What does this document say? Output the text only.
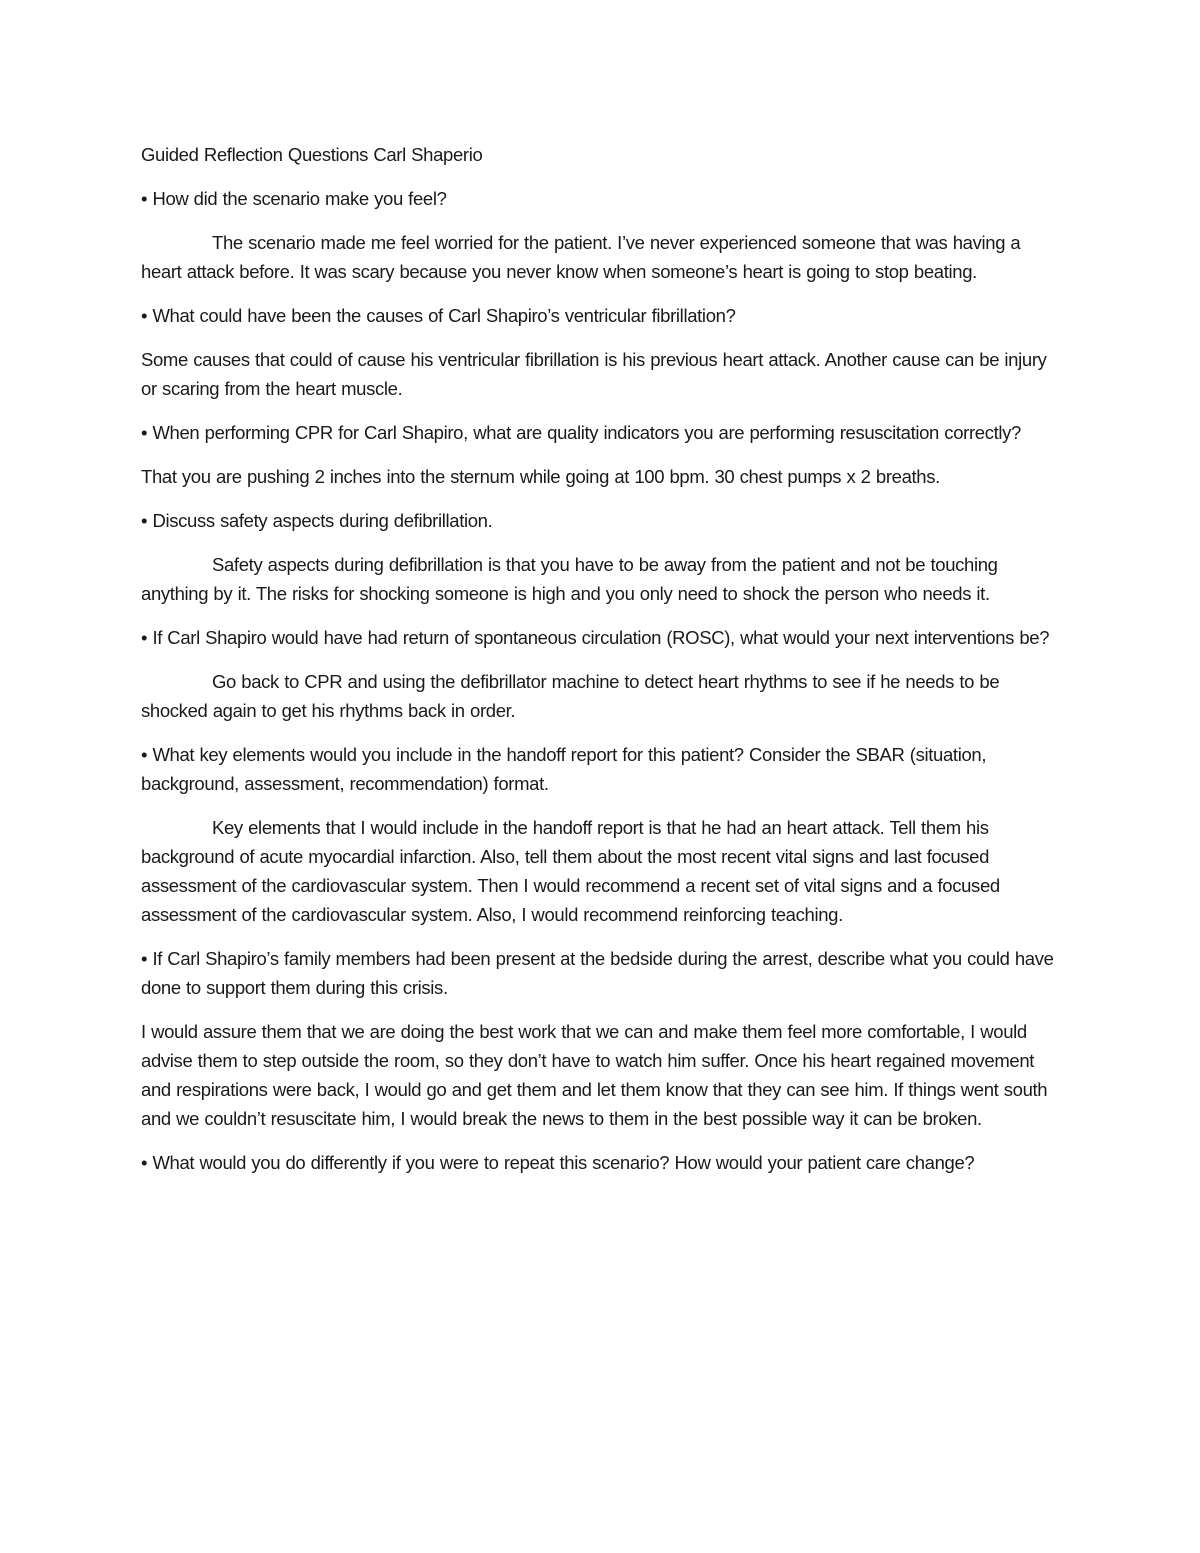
Guided Reflection Questions Carl Shaperio

• How did the scenario make you feel?

The scenario made me feel worried for the patient. I’ve never experienced someone that was having a heart attack before. It was scary because you never know when someone’s heart is going to stop beating.

• What could have been the causes of Carl Shapiro’s ventricular fibrillation?

Some causes that could of cause his ventricular fibrillation is his previous heart attack. Another cause can be injury or scaring from the heart muscle.

• When performing CPR for Carl Shapiro, what are quality indicators you are performing resuscitation correctly?

That you are pushing 2 inches into the sternum while going at 100 bpm. 30 chest pumps x 2 breaths.

• Discuss safety aspects during defibrillation.

Safety aspects during defibrillation is that you have to be away from the patient and not be touching anything by it. The risks for shocking someone is high and you only need to shock the person who needs it.

• If Carl Shapiro would have had return of spontaneous circulation (ROSC), what would your next interventions be?

Go back to CPR and using the defibrillator machine to detect heart rhythms to see if he needs to be shocked again to get his rhythms back in order.

• What key elements would you include in the handoff report for this patient? Consider the SBAR (situation, background, assessment, recommendation) format.

Key elements that I would include in the handoff report is that he had an heart attack. Tell them his background of acute myocardial infarction. Also, tell them about the most recent vital signs and last focused assessment of the cardiovascular system. Then I would recommend a recent set of vital signs and a focused assessment of the cardiovascular system. Also, I would recommend reinforcing teaching.

• If Carl Shapiro’s family members had been present at the bedside during the arrest, describe what you could have done to support them during this crisis.

I would assure them that we are doing the best work that we can and make them feel more comfortable, I would advise them to step outside the room, so they don’t have to watch him suffer. Once his heart regained movement and respirations were back, I would go and get them and let them know that they can see him. If things went south and we couldn’t resuscitate him, I would break the news to them in the best possible way it can be broken.

• What would you do differently if you were to repeat this scenario? How would your patient care change?
